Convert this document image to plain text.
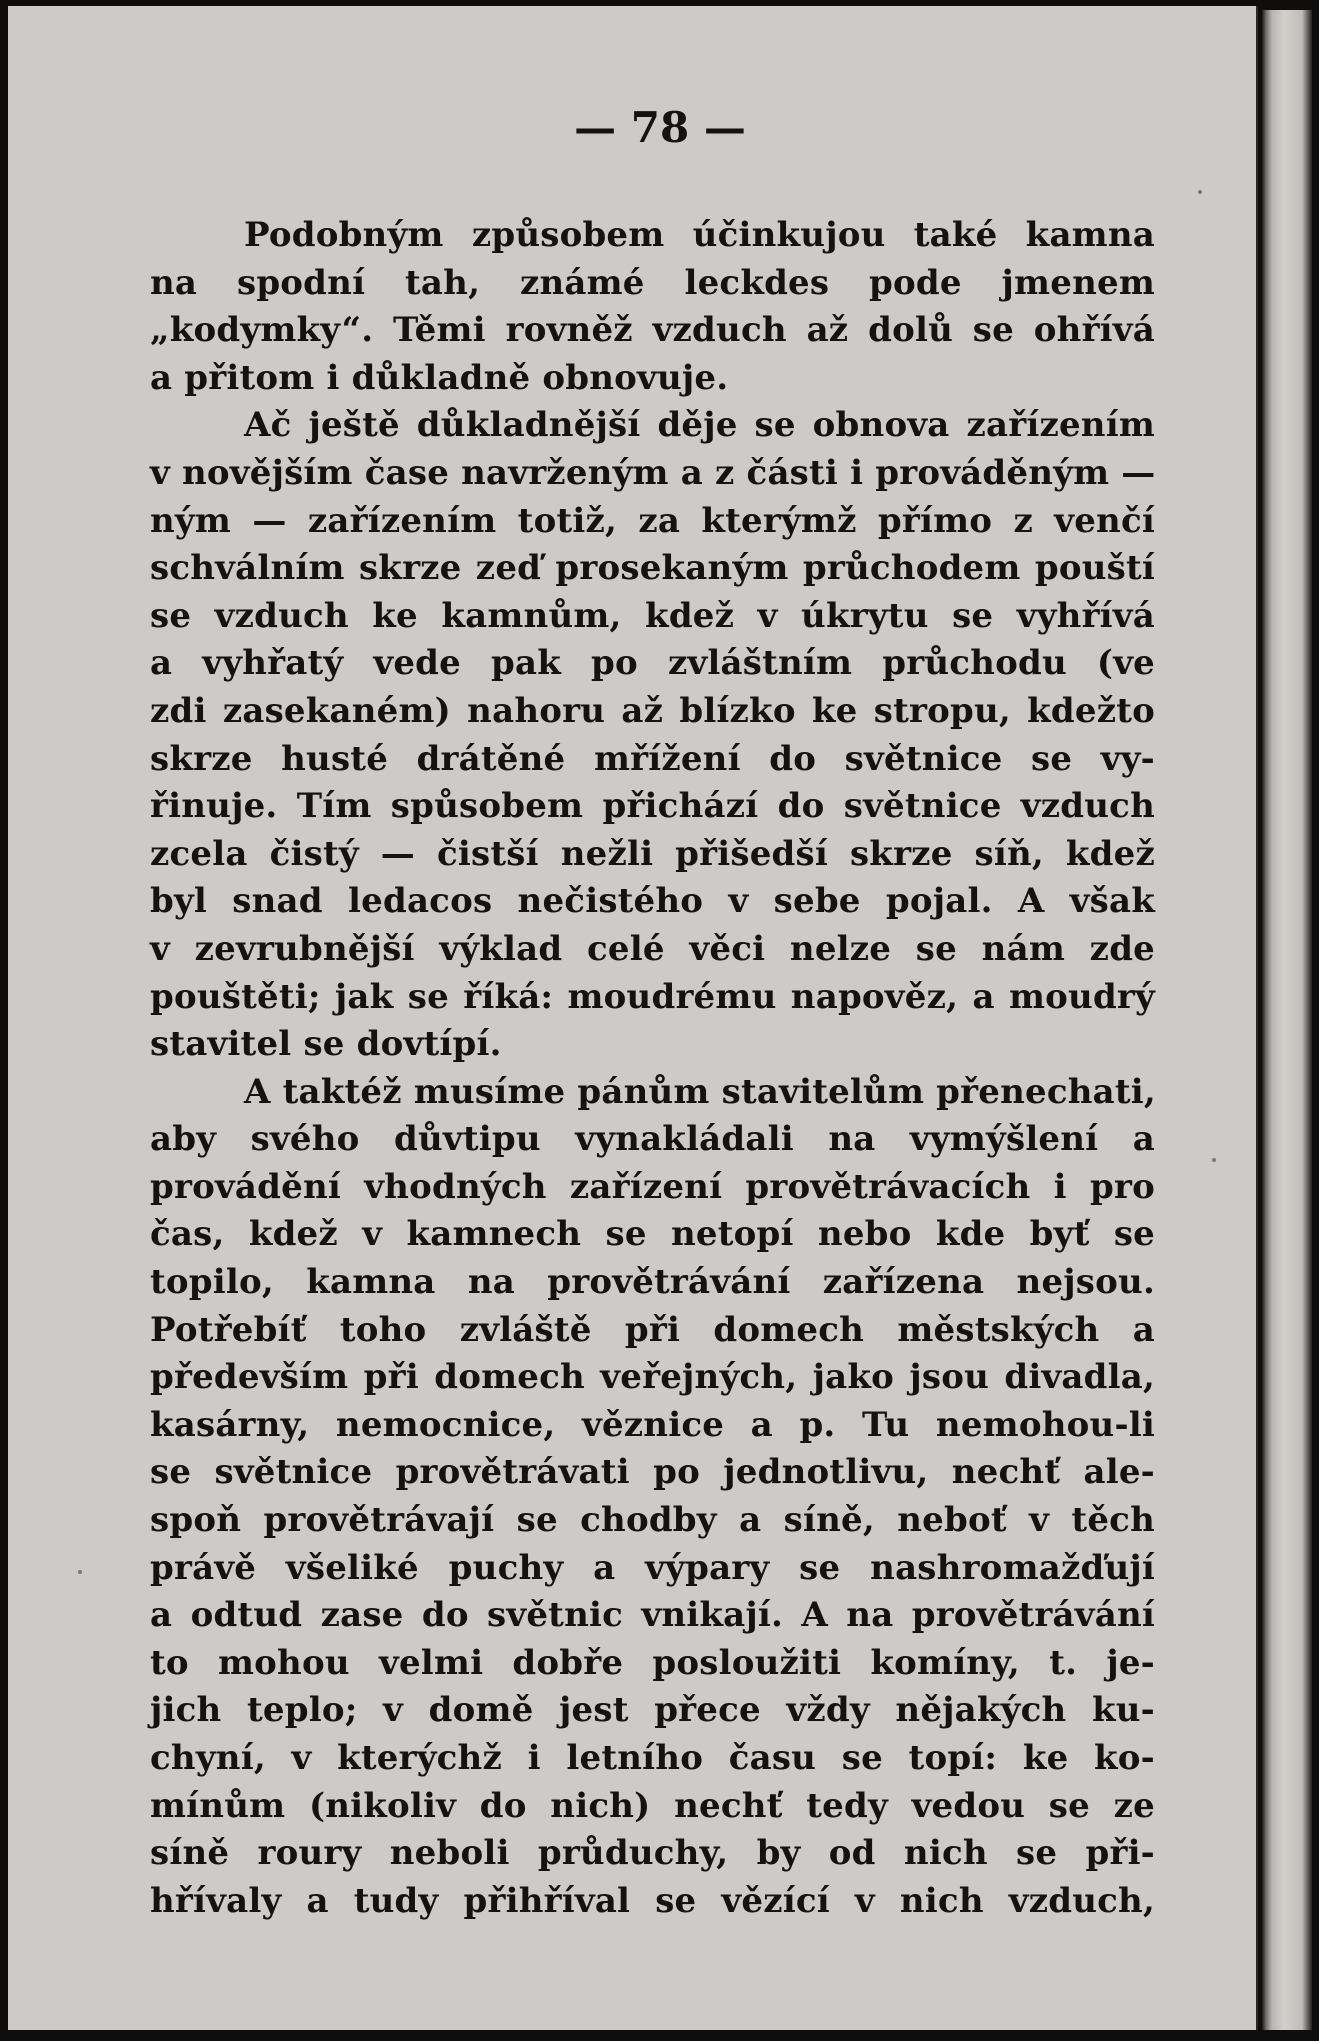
— 78 —
Podobným způsobem účinkujou také kamna
na spodní tah, známé leckdes pode jmenem
„kodymky“. Těmi rovněž vzduch až dolů se ohřívá
a přitom i důkladně obnovuje.
Ač ještě důkladnější děje se obnova zařízením
v novějším čase navrženým a z části i prováděným —
ným — zařízením totiž, za kterýmž přímo z venčí
schválním skrze zeď prosekaným průchodem pouští
se vzduch ke kamnům, kdež v úkrytu se vyhřívá
a vyhřatý vede pak po zvláštním průchodu (ve
zdi zasekaném) nahoru až blízko ke stropu, kdežto
skrze husté drátěné mřížení do světnice se vy-
řinuje. Tím spůsobem přichází do světnice vzduch
zcela čistý — čistší nežli přišedší skrze síň, kdež
byl snad ledacos nečistého v sebe pojal. A však
v zevrubnější výklad celé věci nelze se nám zde
pouštěti; jak se říká: moudrému napověz, a moudrý
stavitel se dovtípí.
A taktéž musíme pánům stavitelům přenechati,
aby svého důvtipu vynakládali na vymýšlení a
provádění vhodných zařízení provětrávacích i pro
čas, kdež v kamnech se netopí nebo kde byť se
topilo, kamna na provětrávání zařízena nejsou.
Potřebíť toho zvláště při domech městských a
především při domech veřejných, jako jsou divadla,
kasárny, nemocnice, věznice a p. Tu nemohou-li
se světnice provětrávati po jednotlivu, nechť ale-
spoň provětrávají se chodby a síně, neboť v těch
právě všeliké puchy a výpary se nashromažďují
a odtud zase do světnic vnikají. A na provětrávání
to mohou velmi dobře posloužiti komíny, t. je-
jich teplo; v domě jest přece vždy nějakých ku-
chyní, v kterýchž i letního času se topí: ke ko-
mínům (nikoliv do nich) nechť tedy vedou se ze
síně roury neboli průduchy, by od nich se při-
hřívaly a tudy přihříval se vězící v nich vzduch,
